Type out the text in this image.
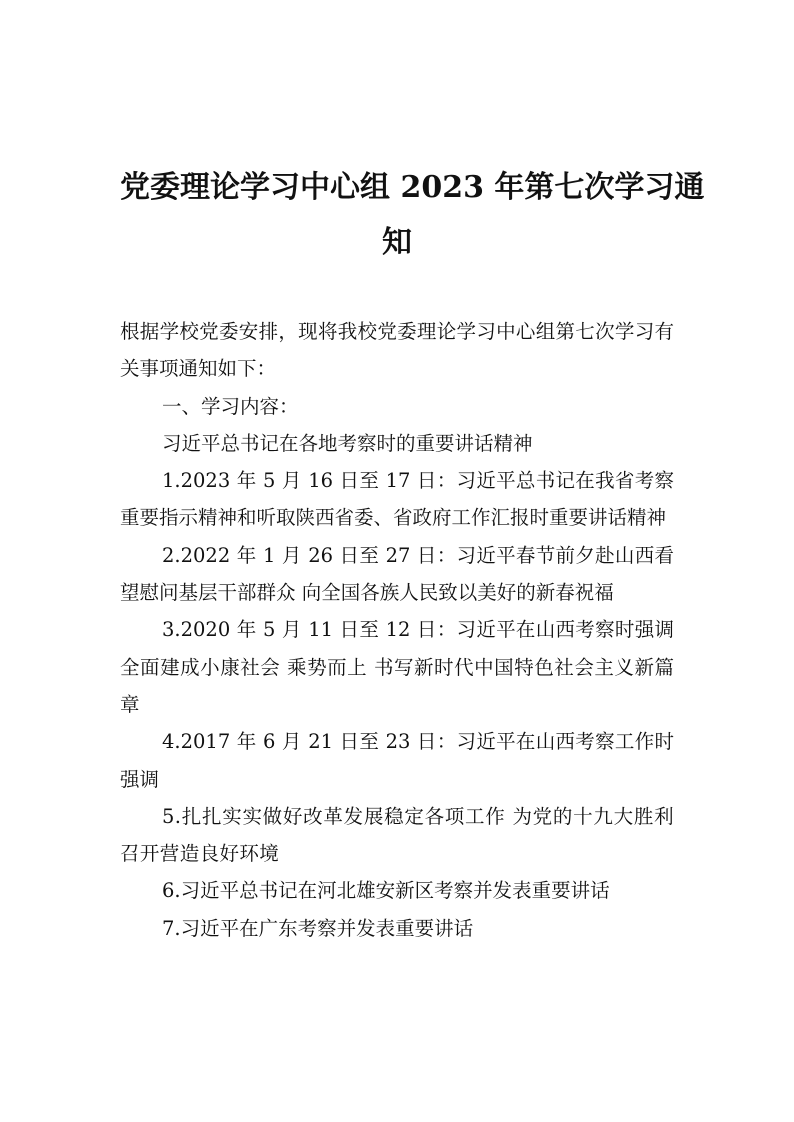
党委理论学习中心组 2023 年第七次学习通
知

根据学校党委安排，现将我校党委理论学习中心组第七次学习有关事项通知如下：

一、学习内容：

习近平总书记在各地考察时的重要讲话精神

1.2023 年 5 月 16 日至 17 日：习近平总书记在我省考察重要指示精神和听取陕西省委、省政府工作汇报时重要讲话精神

2.2022 年 1 月 26 日至 27 日：习近平春节前夕赴山西看望慰问基层干部群众 向全国各族人民致以美好的新春祝福

3.2020 年 5 月 11 日至 12 日：习近平在山西考察时强调全面建成小康社会 乘势而上 书写新时代中国特色社会主义新篇章

4.2017 年 6 月 21 日至 23 日：习近平在山西考察工作时强调

5.扎扎实实做好改革发展稳定各项工作 为党的十九大胜利召开营造良好环境

6.习近平总书记在河北雄安新区考察并发表重要讲话

7.习近平在广东考察并发表重要讲话
